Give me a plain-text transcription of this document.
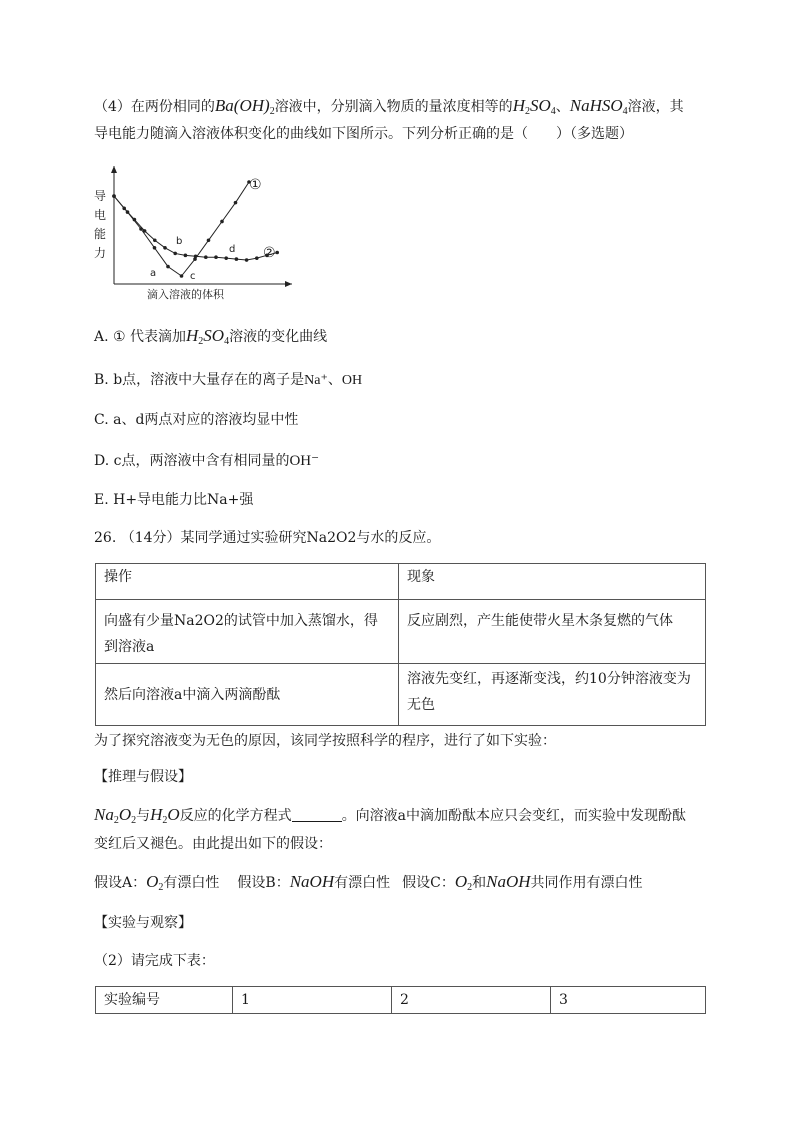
（4）在两份相同的$Ba(OH)_2$溶液中，分别滴入物质的量浓度相等的$H_2SO_4$、NaHSO$_4$溶液，其
导电能力随滴入溶液体积变化的曲线如下图所示。下列分析正确的是（　　）（多选题）
导
电
能
力
滴入溶液的体积
a
b
c
d
①
②
A. ① 代表滴加$H_2SO_4$溶液的变化曲线
B. b点，溶液中大量存在的离子是Na⁺、OH
C. a、d两点对应的溶液均显中性
D. c点，两溶液中含有相同量的OH⁻
E. H+导电能力比Na+强
26. （14分）某同学通过实验研究Na2O2与水的反应。
操作	现象
向盛有少量Na2O2的试管中加入蒸馏水，得到溶液a	反应剧烈，产生能使带火星木条复燃的气体
然后向溶液a中滴入两滴酚酞	溶液先变红，再逐渐变浅，约10分钟溶液变为无色
为了探究溶液变为无色的原因，该同学按照科学的程序，进行了如下实验：
【推理与假设】
$Na_2O_2$与$H_2O$反应的化学方程式	。向溶液a中滴加酚酞本应只会变红，而实验中发现酚酞
变红后又褪色。由此提出如下的假设：
假设A：$O_2$有漂白性 假设B：NaOH有漂白性 假设C：$O_2$和NaOH共同作用有漂白性
【实验与观察】
（2）请完成下表：
实验编号	1	2	3
